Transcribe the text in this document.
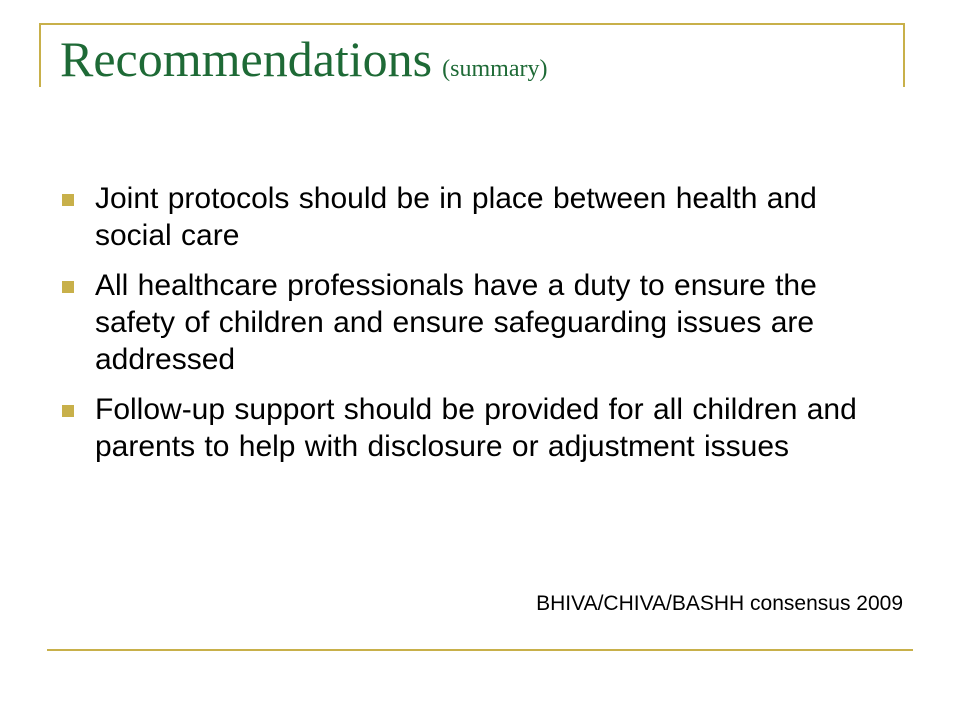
Recommendations (summary)
Joint protocols should be in place between health and social care
All healthcare professionals have a duty to ensure the safety of children and ensure safeguarding issues are addressed
Follow-up support should be provided for all children and parents to help with disclosure or adjustment issues

BHIVA/CHIVA/BASHH consensus 2009
